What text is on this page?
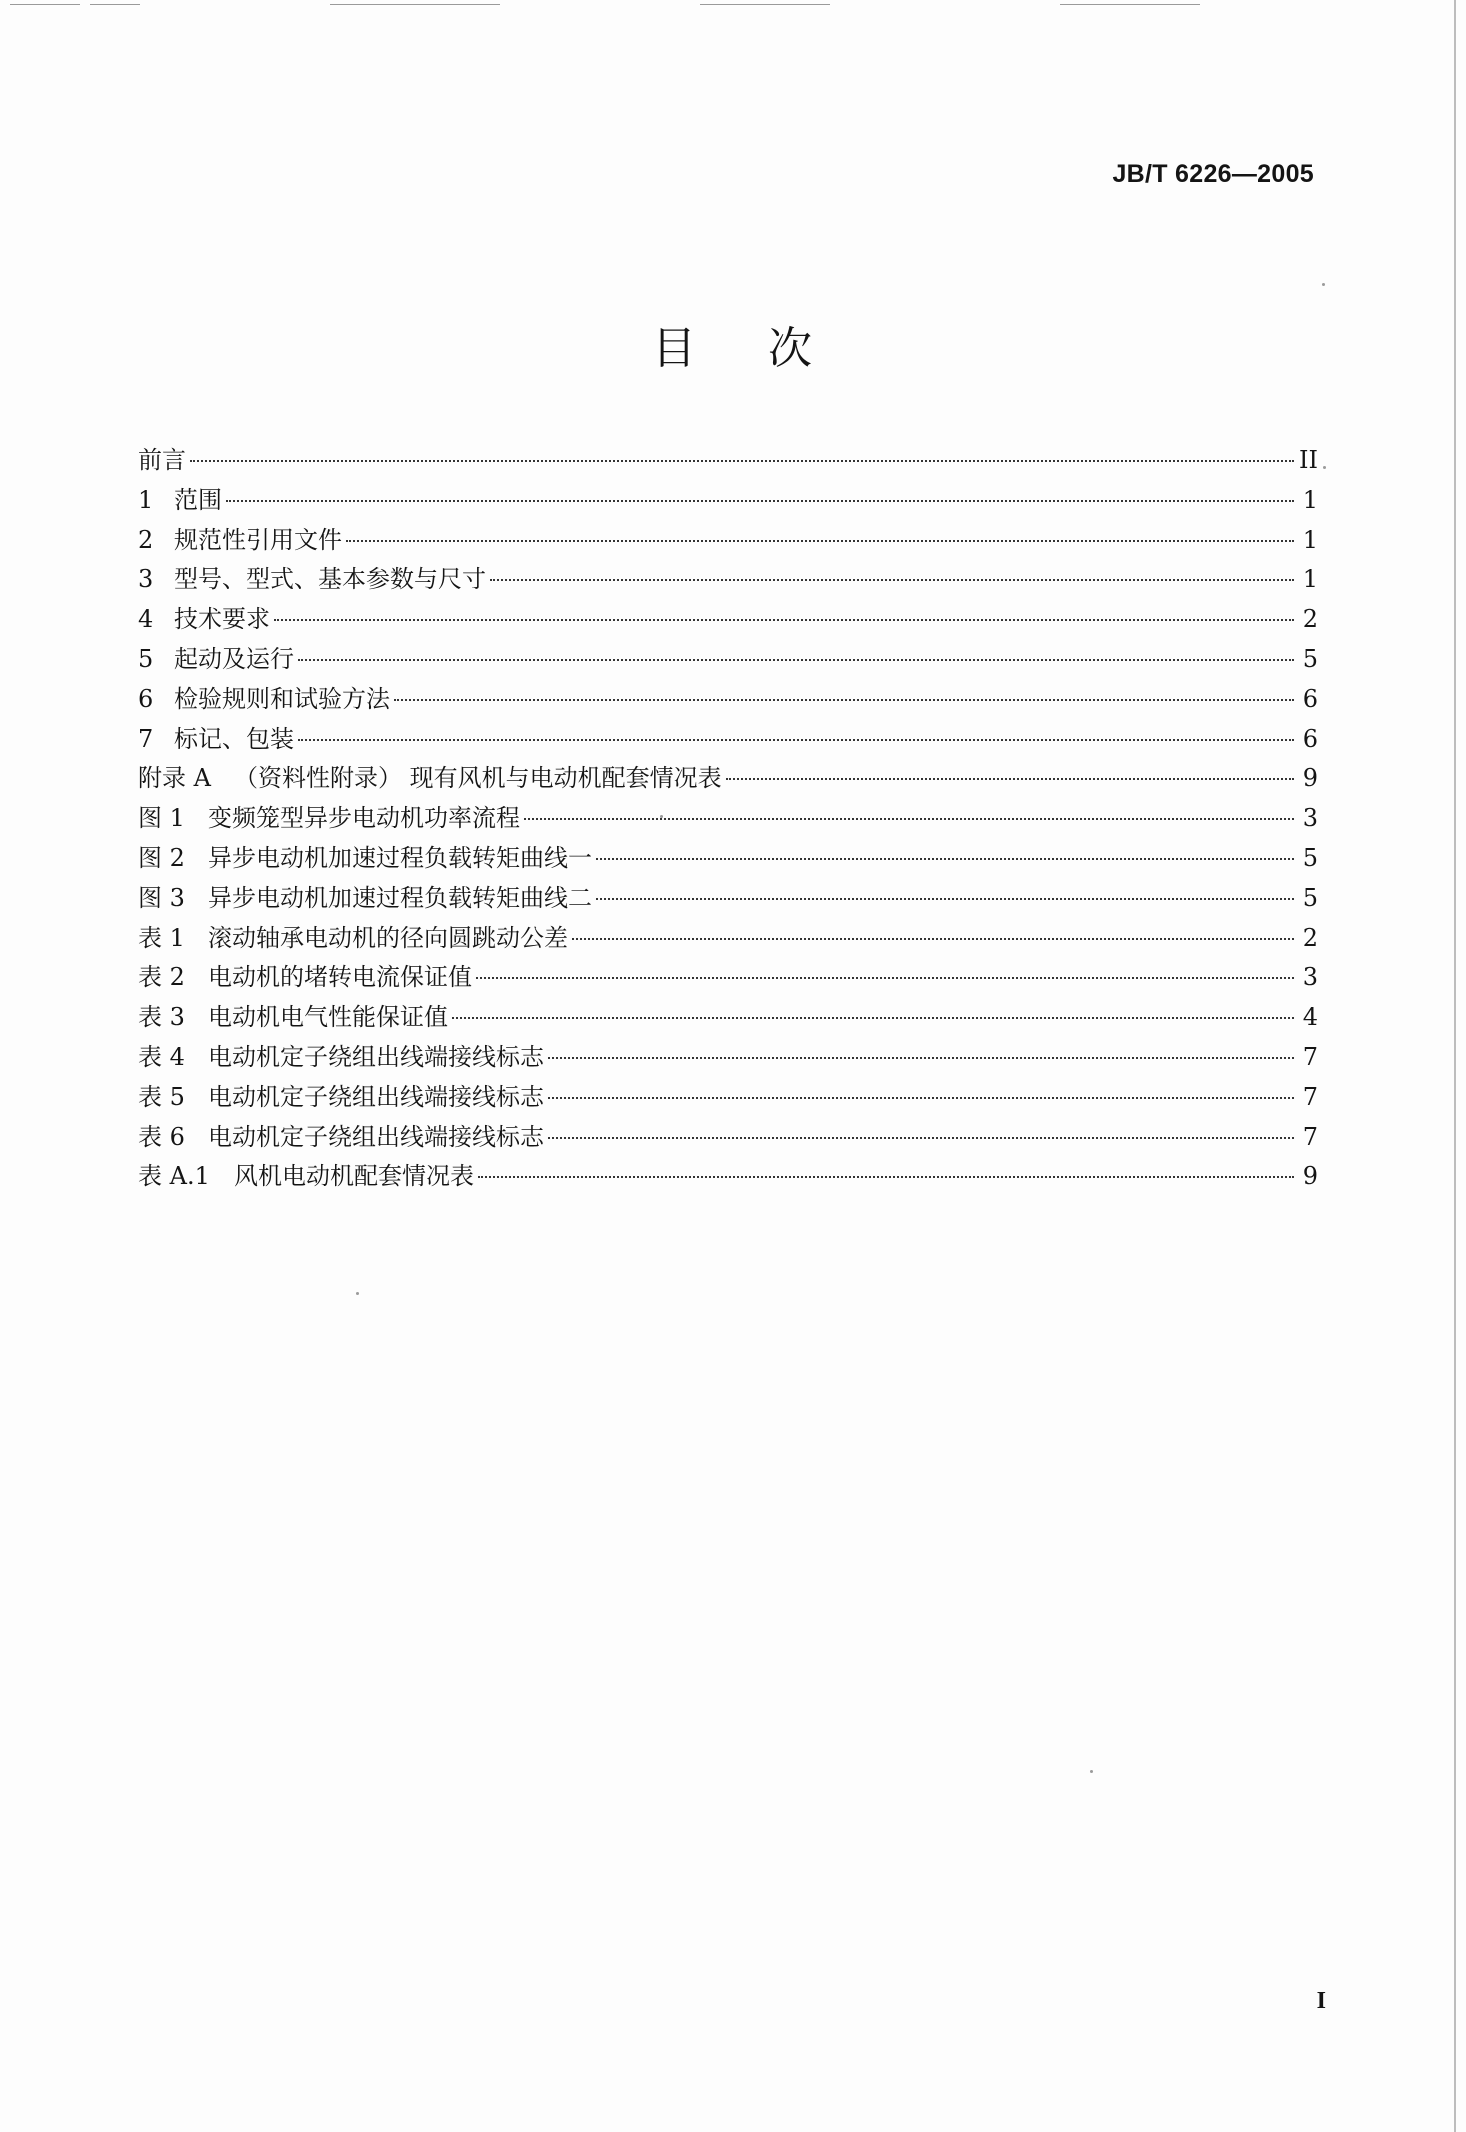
JB/T 6226—2005
目 次
前言	II
1 范围	1
2 规范性引用文件	1
3 型号、型式、基本参数与尺寸	1
4 技术要求	2
5 起动及运行	5
6 检验规则和试验方法	6
7 标记、包装	6
附录 A （资料性附录） 现有风机与电动机配套情况表	9
图 1 变频笼型异步电动机功率流程	3
图 2 异步电动机加速过程负载转矩曲线一	5
图 3 异步电动机加速过程负载转矩曲线二	5
表 1 滚动轴承电动机的径向圆跳动公差	2
表 2 电动机的堵转电流保证值	3
表 3 电动机电气性能保证值	4
表 4 电动机定子绕组出线端接线标志	7
表 5 电动机定子绕组出线端接线标志	7
表 6 电动机定子绕组出线端接线标志	7
表 A.1	风机电动机配套情况表	9
I
